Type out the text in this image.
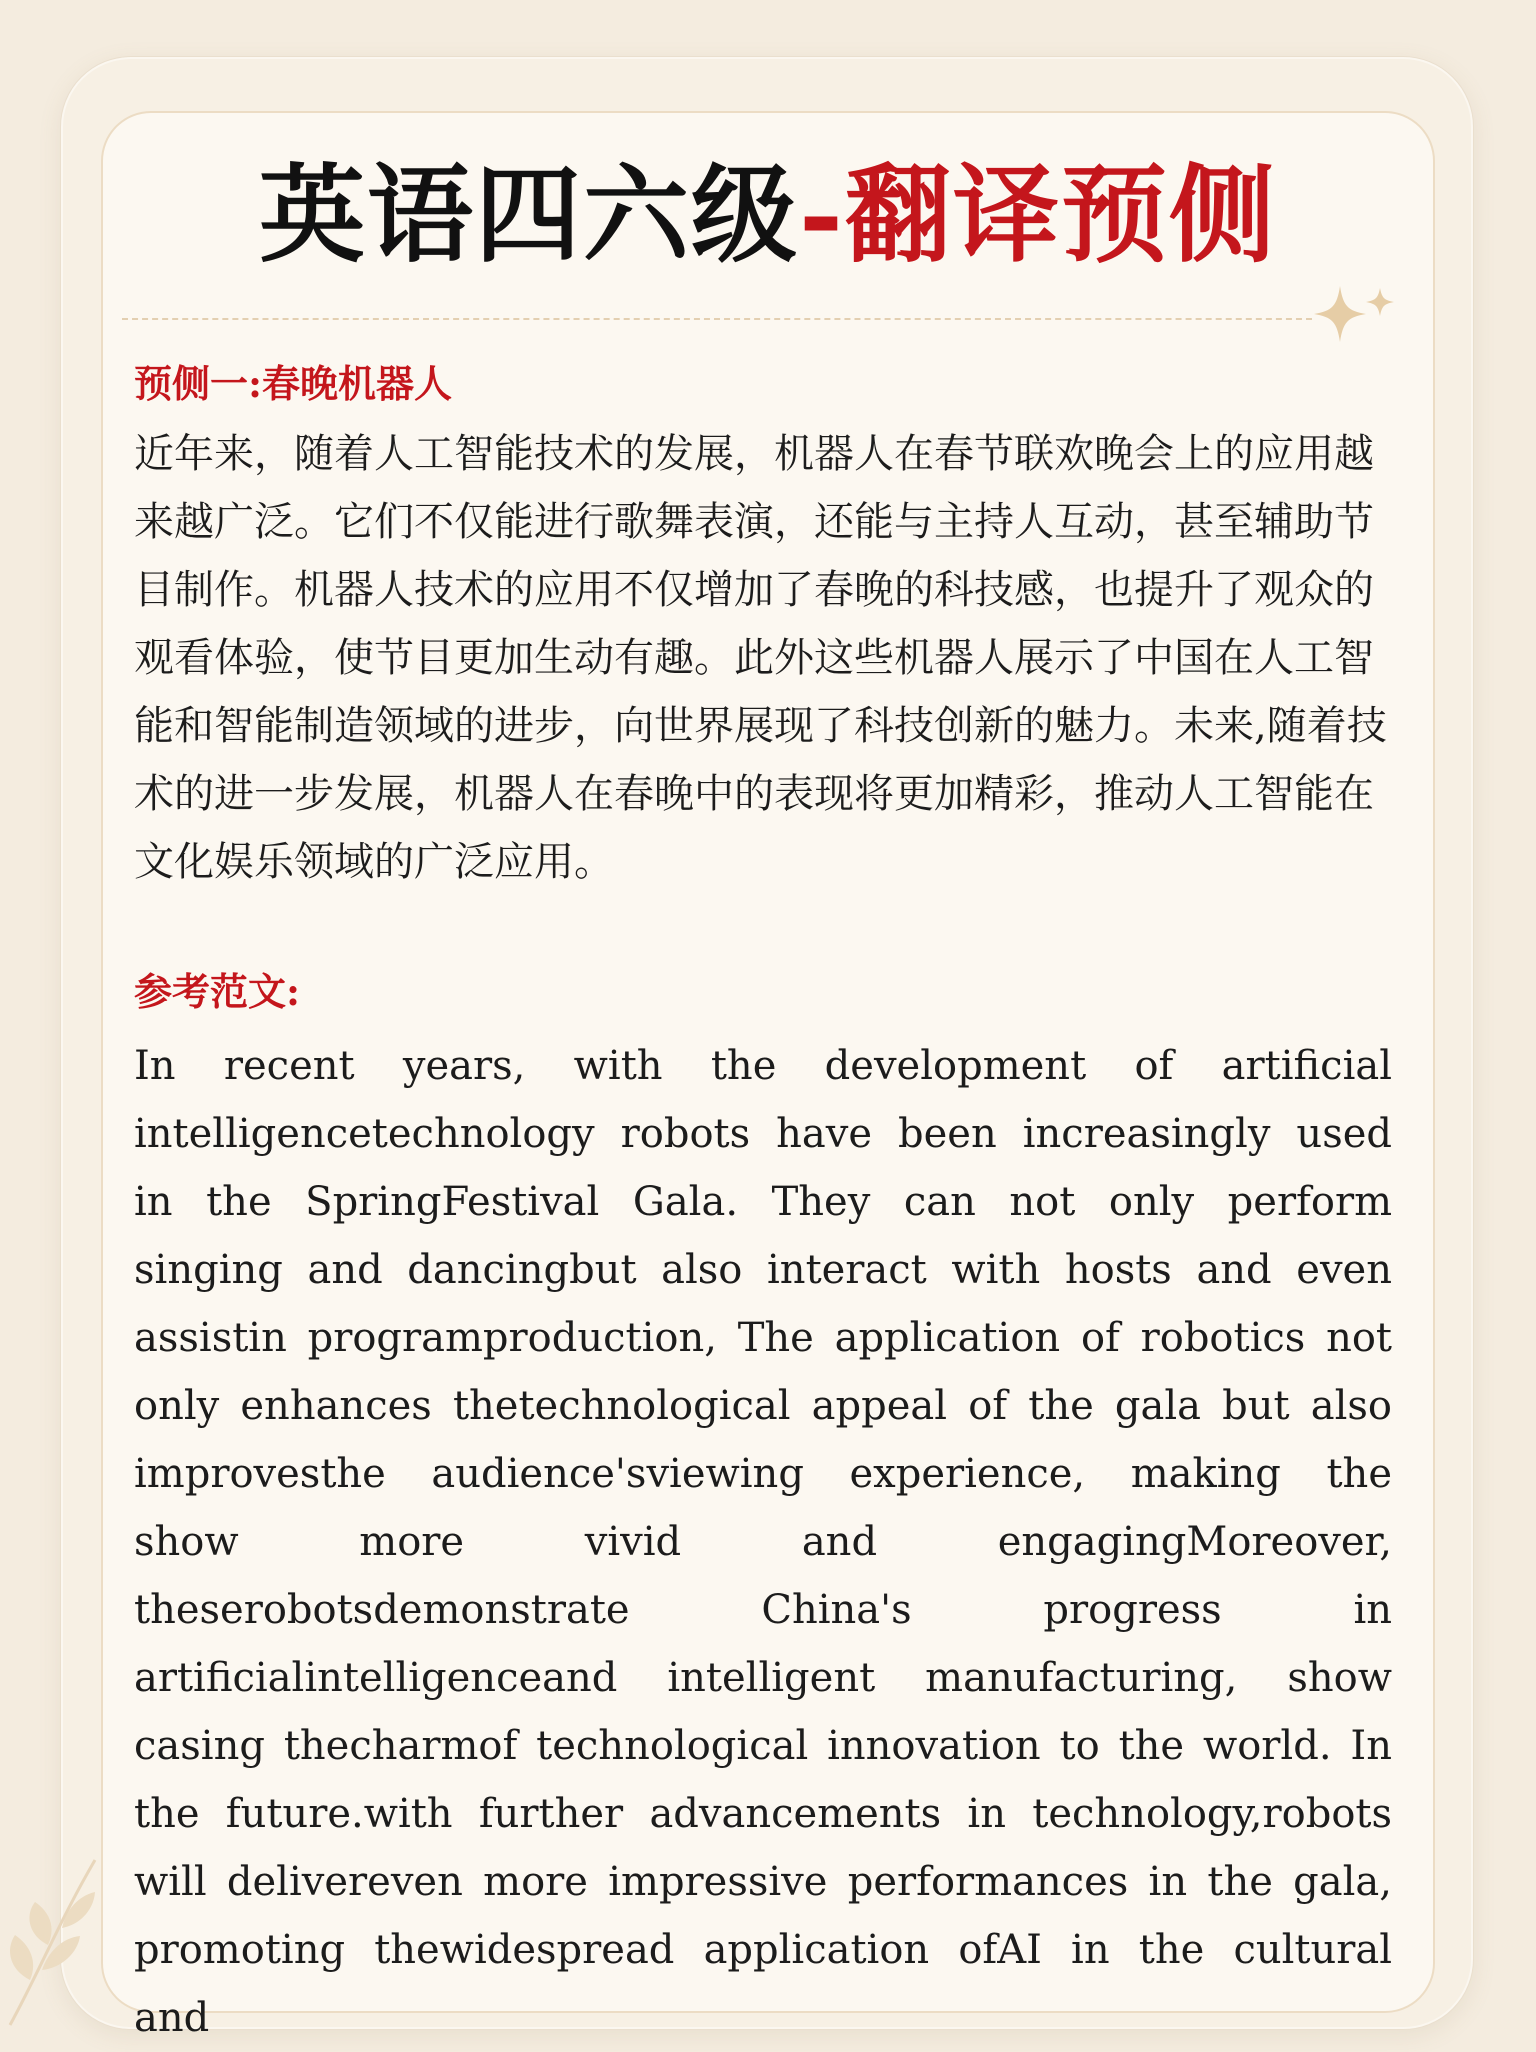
英语四六级-翻译预侧

预侧一:春晚机器人

近年来，随着人工智能技术的发展，机器人在春节联欢晚会上的应用越来越广泛。它们不仅能进行歌舞表演，还能与主持人互动，甚至辅助节目制作。机器人技术的应用不仅增加了春晚的科技感，也提升了观众的观看体验，使节目更加生动有趣。此外这些机器人展示了中国在人工智能和智能制造领域的进步，向世界展现了科技创新的魅力。未来,随着技术的进一步发展，机器人在春晚中的表现将更加精彩，推动人工智能在文化娱乐领域的广泛应用。

参考范文:

In recent years, with the development of artificial intelligencetechnology robots have been increasingly used in the SpringFestival Gala. They can not only perform singing and dancingbut also interact with hosts and even assistin programproduction, The application of robotics not only enhances thetechnological appeal of the gala but also improvesthe audience'sviewing experience, making the show more vivid and engagingMoreover, theserobotsdemonstrate China's progress in artificialintelligenceand intelligent manufacturing, show casing thecharmof technological innovation to the world. In the future.with further advancements in technology,robots will delivereven more impressive performances in the gala, promoting thewidespread application ofAI in the cultural and
